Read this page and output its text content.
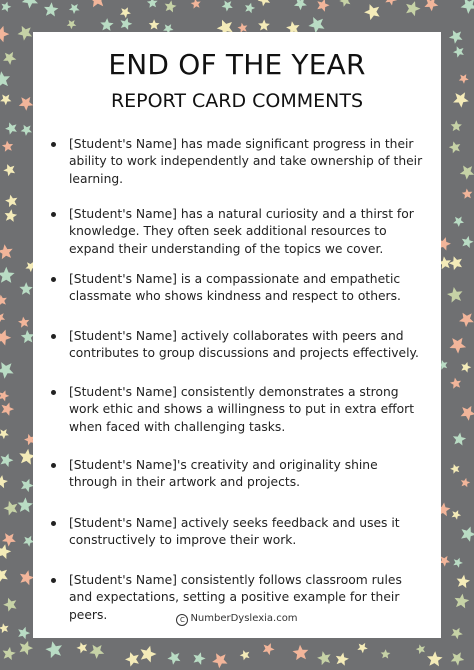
END OF THE YEAR
REPORT CARD COMMENTS
[Student's Name] has made significant progress in their ability to work independently and take ownership of their learning.
[Student's Name] has a natural curiosity and a thirst for knowledge. They often seek additional resources to expand their understanding of the topics we cover.
[Student's Name] is a compassionate and empathetic classmate who shows kindness and respect to others.
[Student's Name] actively collaborates with peers and contributes to group discussions and projects effectively.
[Student's Name] consistently demonstrates a strong work ethic and shows a willingness to put in extra effort when faced with challenging tasks.
[Student's Name]'s creativity and originality shine through in their artwork and projects.
[Student's Name] actively seeks feedback and uses it constructively to improve their work.
[Student's Name] consistently follows classroom rules and expectations, setting a positive example for their peers.	C NumberDyslexia.com
